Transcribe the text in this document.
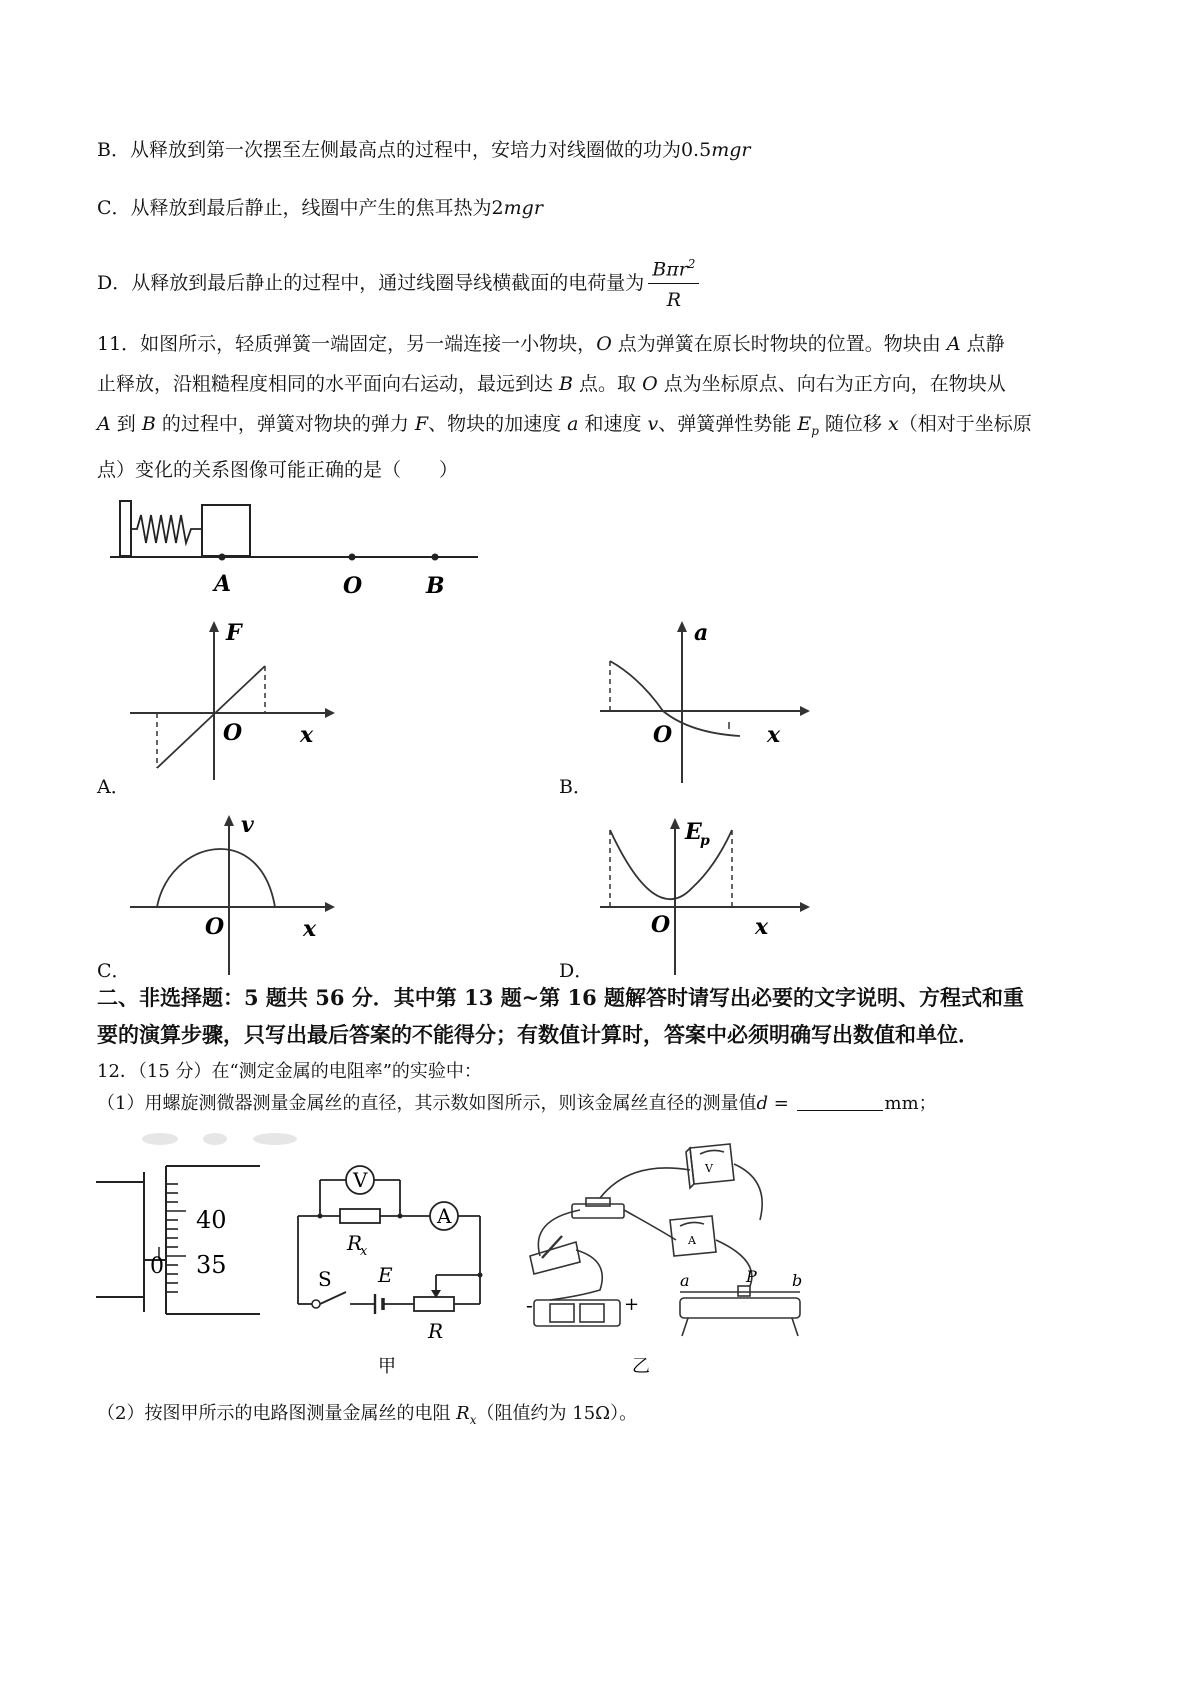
B．从释放到第一次摆至左侧最高点的过程中，安培力对线圈做的功为0.5mgr
C．从释放到最后静止，线圈中产生的焦耳热为2mgr
D．从释放到最后静止的过程中，通过线圈导线横截面的电荷量为 $\frac{B\pi r^2}{R}$
11．如图所示，轻质弹簧一端固定，另一端连接一小物块，O 点为弹簧在原长时物块的位置。物块由 A 点静
止释放，沿粗糙程度相同的水平面向右运动，最远到达 B 点。取 O 点为坐标原点、向右为正方向，在物块从
A 到 B 的过程中，弹簧对物块的弹力 F、物块的加速度 a 和速度 v、弹簧弹性势能 $E_p$ 随位移 x（相对于坐标原
点）变化的关系图像可能正确的是（　　）
A	O	B
F
O	x
A．
a
O	x
B．
v
O	x
C．
E
p
O	x
D．
二、非选择题：5 题共 56 分．其中第 13 题~第 16 题解答时请写出必要的文字说明、方程式和重
要的演算步骤，只写出最后答案的不能得分；有数值计算时，答案中必须明确写出数值和单位．
12．（15 分）在“测定金属的电阻率”的实验中：
（1）用螺旋测微器测量金属丝的直径，其示数如图所示，则该金属丝直径的测量值d =	mm；
40
35
0
V
A
R
x
S E
R
甲
V
A
a	P b
-	+
乙
（2）按图甲所示的电路图测量金属丝的电阻 $R_x$（阻值约为 15Ω）。
